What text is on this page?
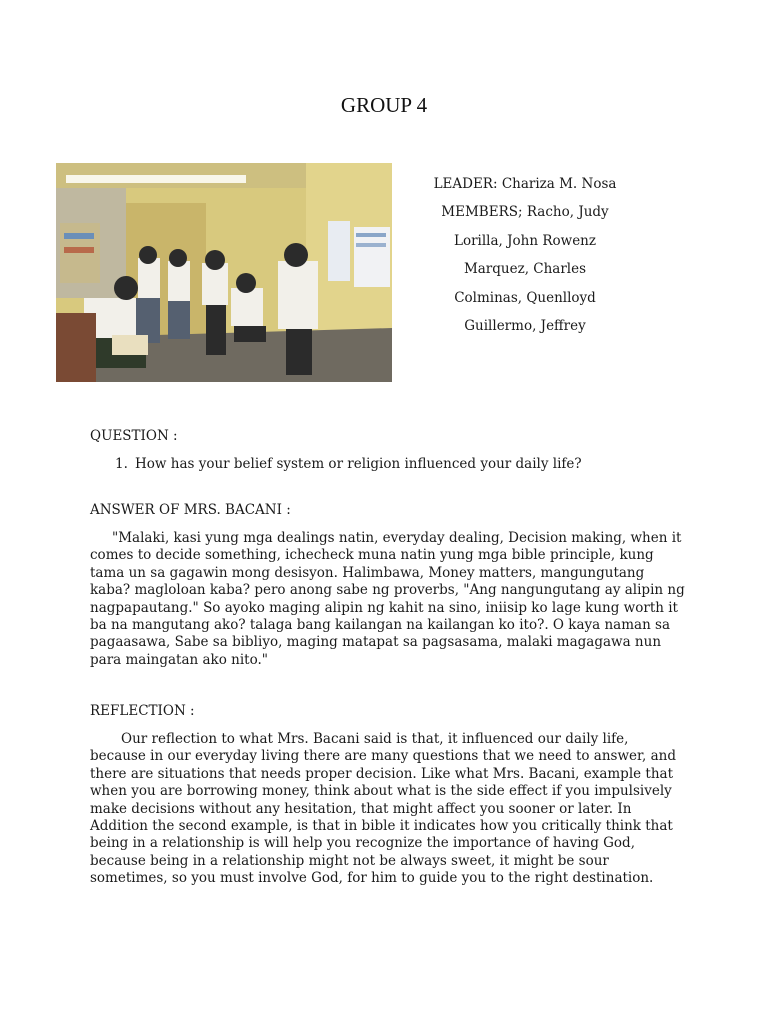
GROUP 4
LEADER: Chariza M. Nosa
MEMBERS; Racho, Judy
Lorilla, John Rowenz
Marquez, Charles
Colminas, Quenlloyd
Guillermo, Jeffrey
QUESTION :
1. How has your belief system or religion influenced your daily life?
ANSWER OF MRS. BACANI :
"Malaki, kasi yung mga dealings natin, everyday dealing, Decision making, when it
comes to decide something, ichecheck muna natin yung mga bible principle, kung
tama un sa gagawin mong desisyon. Halimbawa, Money matters, mangungutang
kaba? magloloan kaba? pero anong sabe ng proverbs, "Ang nangungutang ay alipin ng
nagpapautang." So ayoko maging alipin ng kahit na sino, iniisip ko lage kung worth it
ba na mangutang ako? talaga bang kailangan na kailangan ko ito?. O kaya naman sa
pagaasawa, Sabe sa bibliyo, maging matapat sa pagsasama, malaki magagawa nun
para maingatan ako nito."
REFLECTION :
Our reflection to what Mrs. Bacani said is that, it influenced our daily life,
because in our everyday living there are many questions that we need to answer, and
there are situations that needs proper decision. Like what Mrs. Bacani, example that
when you are borrowing money, think about what is the side effect if you impulsively
make decisions without any hesitation, that might affect you sooner or later. In
Addition the second example, is that in bible it indicates how you critically think that
being in a relationship is will help you recognize the importance of having God,
because being in a relationship might not be always sweet, it might be sour
sometimes, so you must involve God, for him to guide you to the right destination.
